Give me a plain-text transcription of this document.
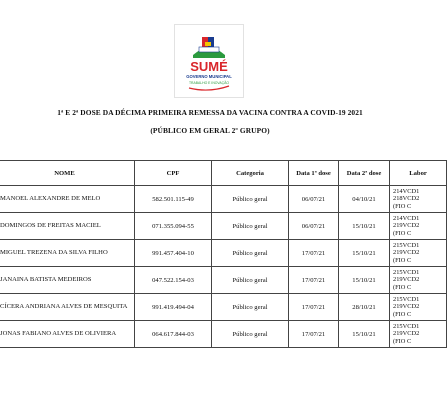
SUMÉ
GOVERNO MUNICIPAL
TRABALHO E INOVAÇÃO
1ª E 2ª DOSE DA DÉCIMA PRIMEIRA REMESSA DA VACINA CONTRA A COVID-19 2021
(PÚBLICO EM GERAL 2º GRUPO)
NOME	CPF	Categoria	Data 1ª dose	Data 2ª dose	Labor
MANOEL ALEXANDRE DE MELO	582.501.115-49	Público geral	06/07/21	04/10/21	214VCD1
218VCD2
(FIO C

DOMINGOS DE FREITAS MACIEL	071.355.094-55	Público geral	06/07/21	15/10/21	214VCD1
219VCD2
(FIO C

MIGUEL TREZENA DA SILVA FILHO	991.457.404-10	Público geral	17/07/21	15/10/21	215VCD1
219VCD2
(FIO C

JANAINA BATISTA MEDEIROS	047.522.154-03	Público geral	17/07/21	15/10/21	215VCD1
219VCD2
(FIO C

CÍCERA ANDRIANA ALVES DE MESQUITA	991.419.494-04	Público geral	17/07/21	28/10/21	215VCD1
219VCD2
(FIO C

JONAS FABIANO ALVES DE OLIVIERA	064.617.844-03	Público geral	17/07/21	15/10/21	215VCD1
219VCD2
(FIO C
